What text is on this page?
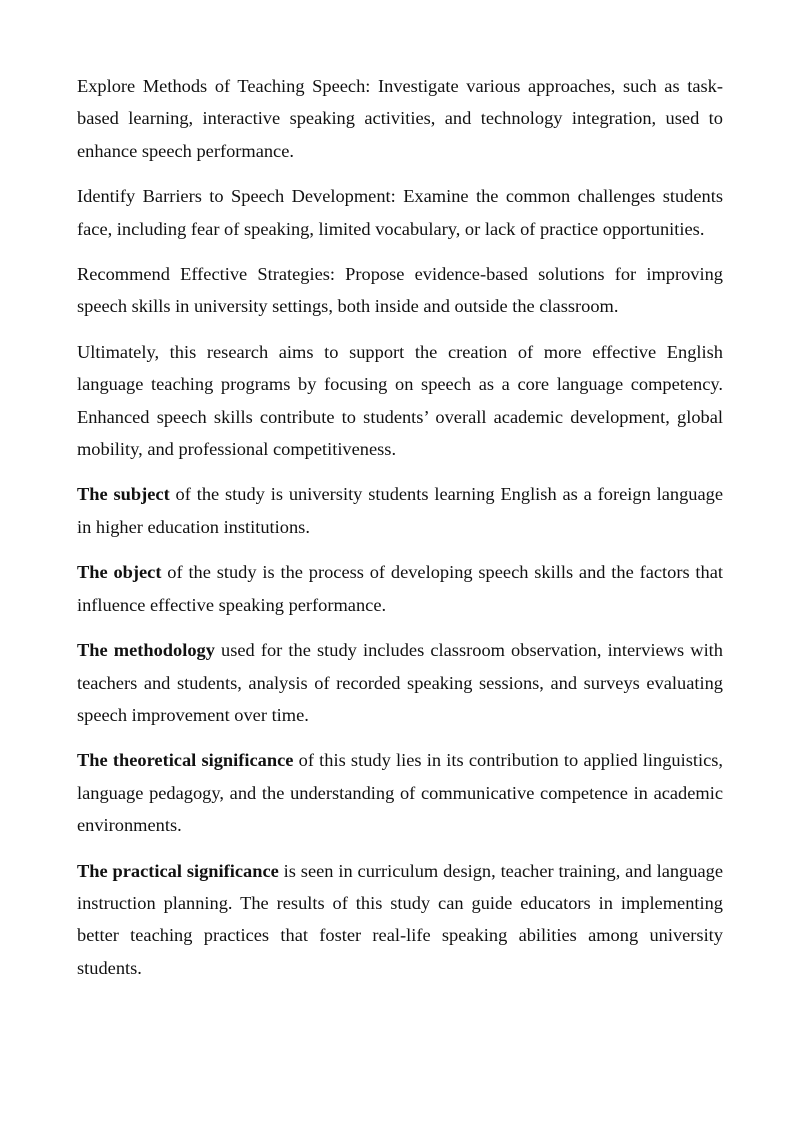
Explore Methods of Teaching Speech: Investigate various approaches, such as task-based learning, interactive speaking activities, and technology integration, used to enhance speech performance.

Identify Barriers to Speech Development: Examine the common challenges students face, including fear of speaking, limited vocabulary, or lack of practice opportunities.

Recommend Effective Strategies: Propose evidence-based solutions for improving speech skills in university settings, both inside and outside the classroom.

Ultimately, this research aims to support the creation of more effective English language teaching programs by focusing on speech as a core language competency. Enhanced speech skills contribute to students’ overall academic development, global mobility, and professional competitiveness.

The subject of the study is university students learning English as a foreign language in higher education institutions.

The object of the study is the process of developing speech skills and the factors that influence effective speaking performance.

The methodology used for the study includes classroom observation, interviews with teachers and students, analysis of recorded speaking sessions, and surveys evaluating speech improvement over time.

The theoretical significance of this study lies in its contribution to applied linguistics, language pedagogy, and the understanding of communicative competence in academic environments.

The practical significance is seen in curriculum design, teacher training, and language instruction planning. The results of this study can guide educators in implementing better teaching practices that foster real-life speaking abilities among university students.
